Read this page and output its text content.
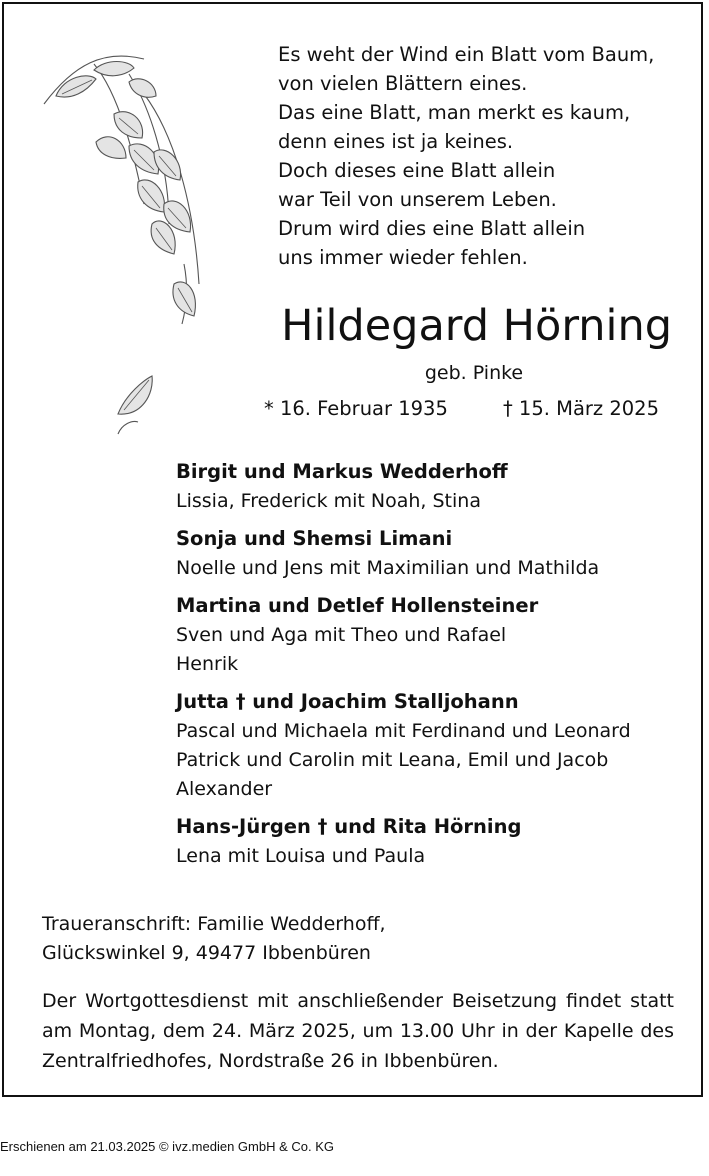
Es weht der Wind ein Blatt vom Baum,
von vielen Blättern eines.
Das eine Blatt, man merkt es kaum,
denn eines ist ja keines.
Doch dieses eine Blatt allein
war Teil von unserem Leben.
Drum wird dies eine Blatt allein
uns immer wieder fehlen.
Hildegard Hörning
geb. Pinke
* 16. Februar 1935	† 15. März 2025
Birgit und Markus Wedderhoff
Lissia, Frederick mit Noah, Stina
Sonja und Shemsi Limani
Noelle und Jens mit Maximilian und Mathilda
Martina und Detlef Hollensteiner
Sven und Aga mit Theo und Rafael
Henrik
Jutta † und Joachim Stalljohann
Pascal und Michaela mit Ferdinand und Leonard
Patrick und Carolin mit Leana, Emil und Jacob
Alexander
Hans-Jürgen † und Rita Hörning
Lena mit Louisa und Paula
Traueranschrift: Familie Wedderhoff,
Glückswinkel 9, 49477 Ibbenbüren
Der Wortgottesdienst mit anschließender Beisetzung findet statt am Montag, dem 24. März 2025, um 13.00 Uhr in der Kapelle des Zentralfriedhofes, Nordstraße 26 in Ibbenbüren.
Erschienen am 21.03.2025 © ivz.medien GmbH & Co. KG
